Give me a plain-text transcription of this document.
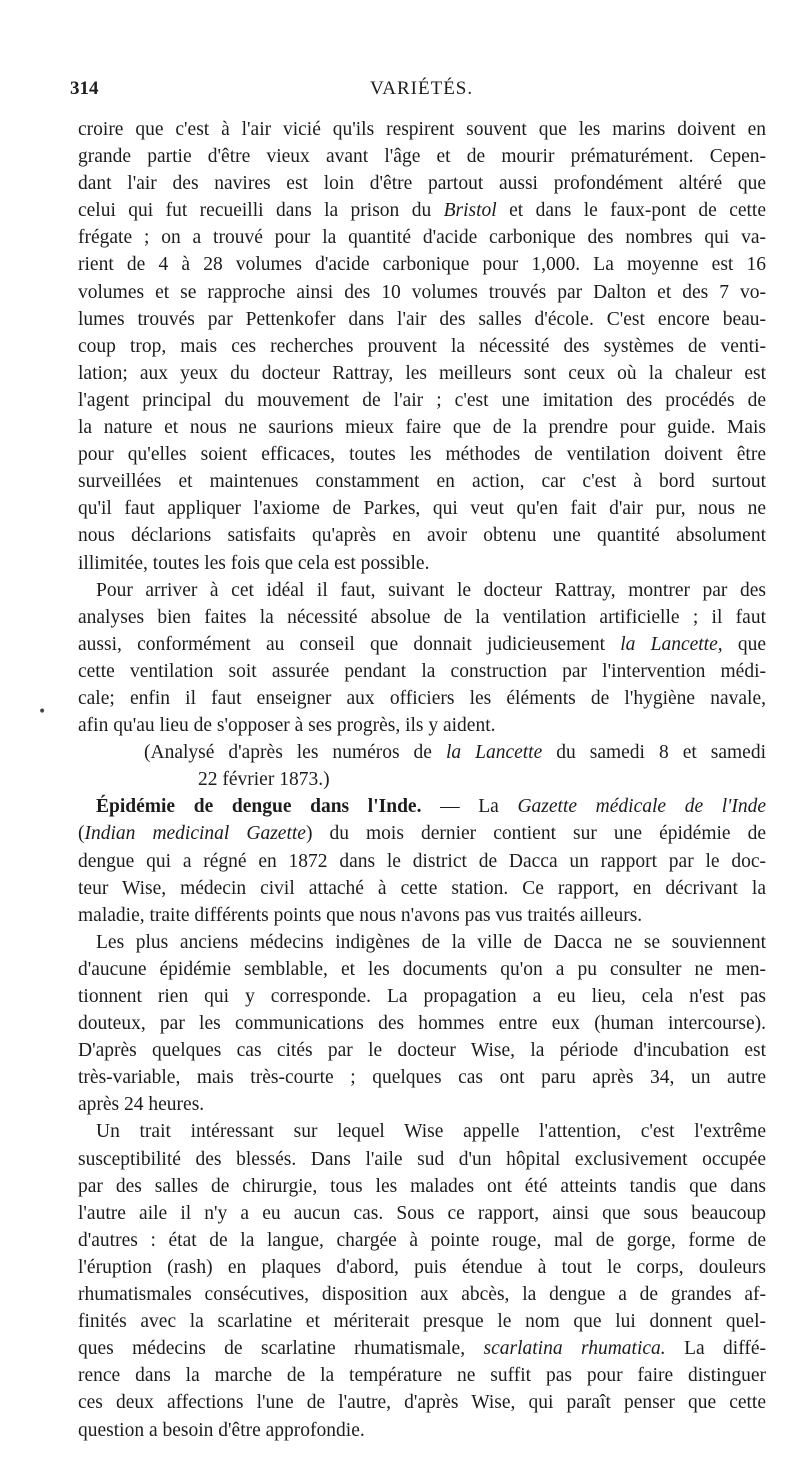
314	VARIÉTÉS.
•
croire que c'est à l'air vicié qu'ils respirent souvent que les marins doivent en
grande partie d'être vieux avant l'âge et de mourir prématurément. Cepen-
dant l'air des navires est loin d'être partout aussi profondément altéré que
celui qui fut recueilli dans la prison du Bristol et dans le faux-pont de cette
frégate ; on a trouvé pour la quantité d'acide carbonique des nombres qui va-
rient de 4 à 28 volumes d'acide carbonique pour 1,000. La moyenne est 16
volumes et se rapproche ainsi des 10 volumes trouvés par Dalton et des 7 vo-
lumes trouvés par Pettenkofer dans l'air des salles d'école. C'est encore beau-
coup trop, mais ces recherches prouvent la nécessité des systèmes de venti-
lation; aux yeux du docteur Rattray, les meilleurs sont ceux où la chaleur est
l'agent principal du mouvement de l'air ; c'est une imitation des procédés de
la nature et nous ne saurions mieux faire que de la prendre pour guide. Mais
pour qu'elles soient efficaces, toutes les méthodes de ventilation doivent être
surveillées et maintenues constamment en action, car c'est à bord surtout
qu'il faut appliquer l'axiome de Parkes, qui veut qu'en fait d'air pur, nous ne
nous déclarions satisfaits qu'après en avoir obtenu une quantité absolument
illimitée, toutes les fois que cela est possible.
Pour arriver à cet idéal il faut, suivant le docteur Rattray, montrer par des
analyses bien faites la nécessité absolue de la ventilation artificielle ; il faut
aussi, conformément au conseil que donnait judicieusement la Lancette, que
cette ventilation soit assurée pendant la construction par l'intervention médi-
cale; enfin il faut enseigner aux officiers les éléments de l'hygiène navale,
afin qu'au lieu de s'opposer à ses progrès, ils y aident.
(Analysé d'après les numéros de la Lancette du samedi 8 et samedi
22 février 1873.)
Épidémie de dengue dans l'Inde. — La Gazette médicale de l'Inde
(Indian medicinal Gazette) du mois dernier contient sur une épidémie de
dengue qui a régné en 1872 dans le district de Dacca un rapport par le doc-
teur Wise, médecin civil attaché à cette station. Ce rapport, en décrivant la
maladie, traite différents points que nous n'avons pas vus traités ailleurs.
Les plus anciens médecins indigènes de la ville de Dacca ne se souviennent
d'aucune épidémie semblable, et les documents qu'on a pu consulter ne men-
tionnent rien qui y corresponde. La propagation a eu lieu, cela n'est pas
douteux, par les communications des hommes entre eux (human intercourse).
D'après quelques cas cités par le docteur Wise, la période d'incubation est
très-variable, mais très-courte ; quelques cas ont paru après 34, un autre
après 24 heures.
Un trait intéressant sur lequel Wise appelle l'attention, c'est l'extrême
susceptibilité des blessés. Dans l'aile sud d'un hôpital exclusivement occupée
par des salles de chirurgie, tous les malades ont été atteints tandis que dans
l'autre aile il n'y a eu aucun cas. Sous ce rapport, ainsi que sous beaucoup
d'autres : état de la langue, chargée à pointe rouge, mal de gorge, forme de
l'éruption (rash) en plaques d'abord, puis étendue à tout le corps, douleurs
rhumatismales consécutives, disposition aux abcès, la dengue a de grandes af-
finités avec la scarlatine et mériterait presque le nom que lui donnent quel-
ques médecins de scarlatine rhumatismale, scarlatina rhumatica. La diffé-
rence dans la marche de la température ne suffit pas pour faire distinguer
ces deux affections l'une de l'autre, d'après Wise, qui paraît penser que cette
question a besoin d'être approfondie.
